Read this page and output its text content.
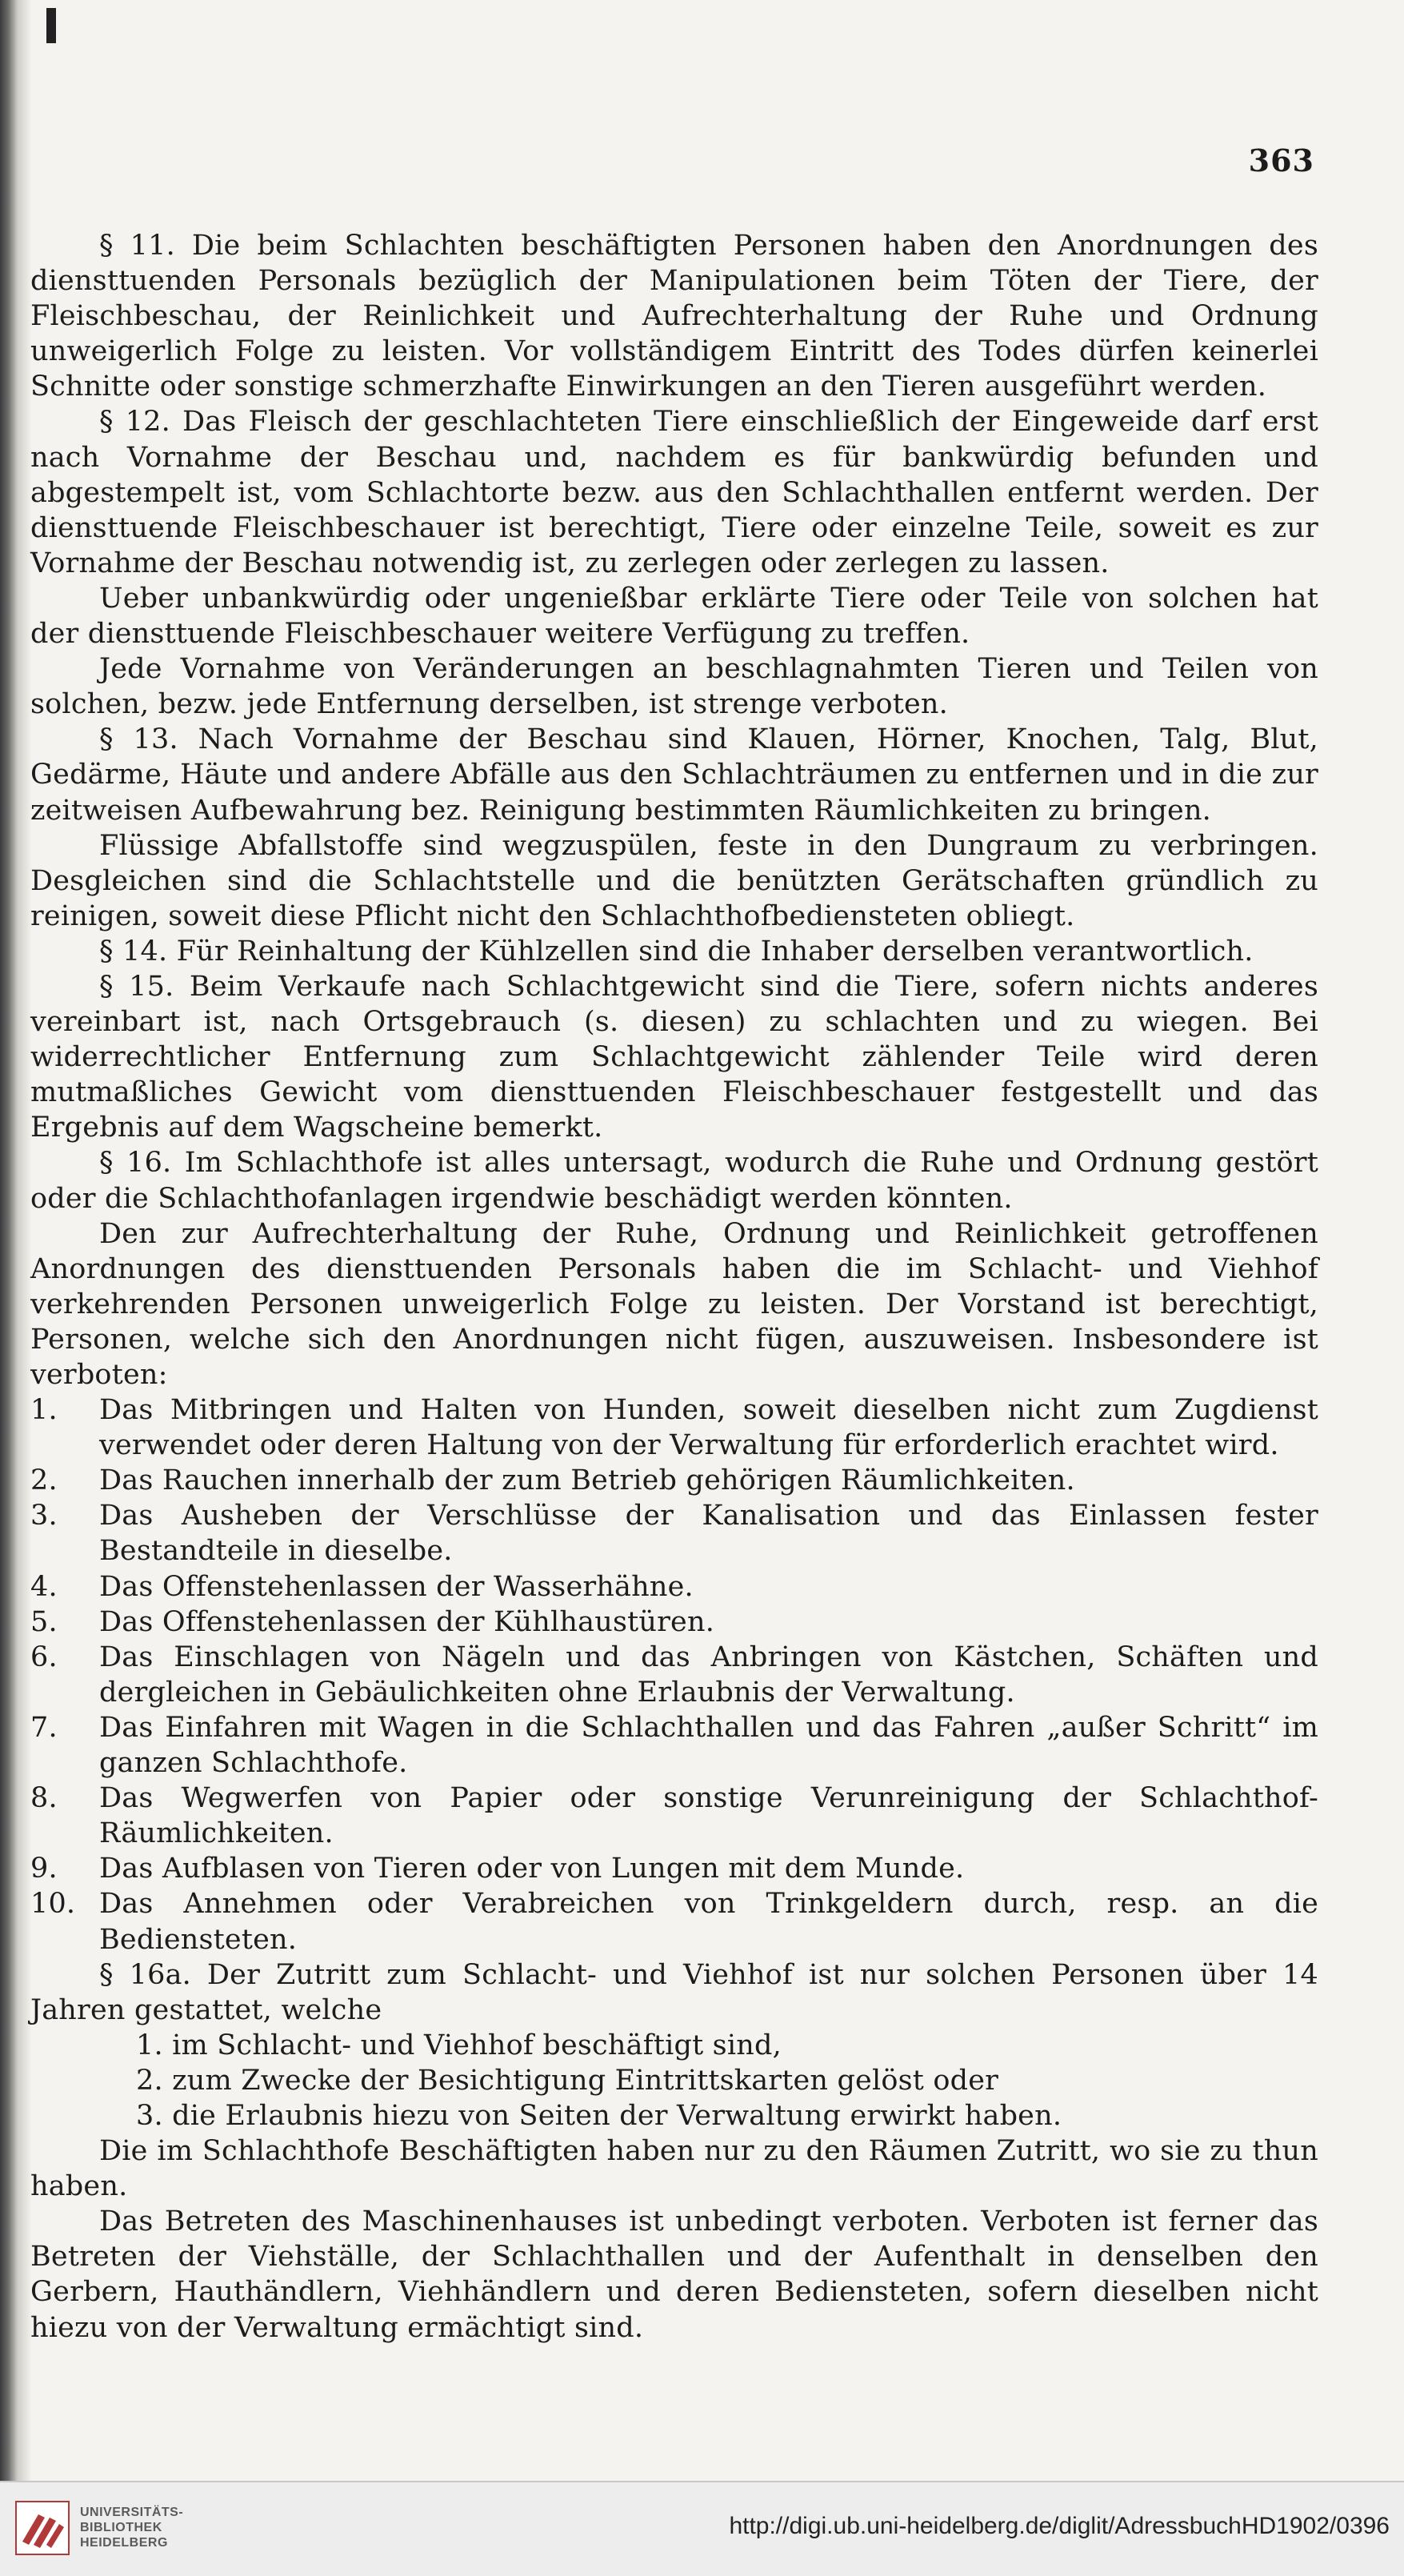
363

§ 11. Die beim Schlachten beschäftigten Personen haben den Anordnungen des diensttuenden Personals bezüglich der Manipulationen beim Töten der Tiere, der Fleischbeschau, der Reinlichkeit und Aufrechterhaltung der Ruhe und Ordnung unweigerlich Folge zu leisten. Vor vollständigem Eintritt des Todes dürfen keinerlei Schnitte oder sonstige schmerzhafte Einwirkungen an den Tieren ausgeführt werden.

§ 12. Das Fleisch der geschlachteten Tiere einschließlich der Eingeweide darf erst nach Vornahme der Beschau und, nachdem es für bankwürdig befunden und abgestempelt ist, vom Schlachtorte bezw. aus den Schlachthallen entfernt werden. Der diensttuende Fleischbeschauer ist berechtigt, Tiere oder einzelne Teile, soweit es zur Vornahme der Beschau notwendig ist, zu zerlegen oder zerlegen zu lassen.

Ueber unbankwürdig oder ungenießbar erklärte Tiere oder Teile von solchen hat der diensttuende Fleischbeschauer weitere Verfügung zu treffen.

Jede Vornahme von Veränderungen an beschlagnahmten Tieren und Teilen von solchen, bezw. jede Entfernung derselben, ist strenge verboten.

§ 13. Nach Vornahme der Beschau sind Klauen, Hörner, Knochen, Talg, Blut, Gedärme, Häute und andere Abfälle aus den Schlachträumen zu entfernen und in die zur zeitweisen Aufbewahrung bez. Reinigung bestimmten Räumlichkeiten zu bringen.

Flüssige Abfallstoffe sind wegzuspülen, feste in den Dungraum zu verbringen. Desgleichen sind die Schlachtstelle und die benützten Gerätschaften gründlich zu reinigen, soweit diese Pflicht nicht den Schlachthofbediensteten obliegt.

§ 14. Für Reinhaltung der Kühlzellen sind die Inhaber derselben verantwortlich.

§ 15. Beim Verkaufe nach Schlachtgewicht sind die Tiere, sofern nichts anderes vereinbart ist, nach Ortsgebrauch (s. diesen) zu schlachten und zu wiegen. Bei widerrechtlicher Entfernung zum Schlachtgewicht zählender Teile wird deren mutmaßliches Gewicht vom diensttuenden Fleischbeschauer festgestellt und das Ergebnis auf dem Wagscheine bemerkt.

§ 16. Im Schlachthofe ist alles untersagt, wodurch die Ruhe und Ordnung gestört oder die Schlachthofanlagen irgendwie beschädigt werden könnten.

Den zur Aufrechterhaltung der Ruhe, Ordnung und Reinlichkeit getroffenen Anordnungen des diensttuenden Personals haben die im Schlacht- und Viehhof verkehrenden Personen unweigerlich Folge zu leisten. Der Vorstand ist berechtigt, Personen, welche sich den Anordnungen nicht fügen, auszuweisen. Insbesondere ist verboten:

1. Das Mitbringen und Halten von Hunden, soweit dieselben nicht zum Zugdienst verwendet oder deren Haltung von der Verwaltung für erforderlich erachtet wird.

2. Das Rauchen innerhalb der zum Betrieb gehörigen Räumlichkeiten.

3. Das Ausheben der Verschlüsse der Kanalisation und das Einlassen fester Bestandteile in dieselbe.

4. Das Offenstehenlassen der Wasserhähne.

5. Das Offenstehenlassen der Kühlhaustüren.

6. Das Einschlagen von Nägeln und das Anbringen von Kästchen, Schäften und dergleichen in Gebäulichkeiten ohne Erlaubnis der Verwaltung.

7. Das Einfahren mit Wagen in die Schlachthallen und das Fahren „außer Schritt“ im ganzen Schlachthofe.

8. Das Wegwerfen von Papier oder sonstige Verunreinigung der Schlachthof-Räumlichkeiten.

9. Das Aufblasen von Tieren oder von Lungen mit dem Munde.

10. Das Annehmen oder Verabreichen von Trinkgeldern durch, resp. an die Bediensteten.

§ 16a. Der Zutritt zum Schlacht- und Viehhof ist nur solchen Personen über 14 Jahren gestattet, welche

1. im Schlacht- und Viehhof beschäftigt sind,

2. zum Zwecke der Besichtigung Eintrittskarten gelöst oder

3. die Erlaubnis hiezu von Seiten der Verwaltung erwirkt haben.

Die im Schlachthofe Beschäftigten haben nur zu den Räumen Zutritt, wo sie zu thun haben.

Das Betreten des Maschinenhauses ist unbedingt verboten. Verboten ist ferner das Betreten der Viehställe, der Schlachthallen und der Aufenthalt in denselben den Gerbern, Hauthändlern, Viehhändlern und deren Bediensteten, sofern dieselben nicht hiezu von der Verwaltung ermächtigt sind.

UNIVERSITÄTS-
BIBLIOTHEK
HEIDELBERG
http://digi.ub.uni-heidelberg.de/diglit/AdressbuchHD1902/0396
